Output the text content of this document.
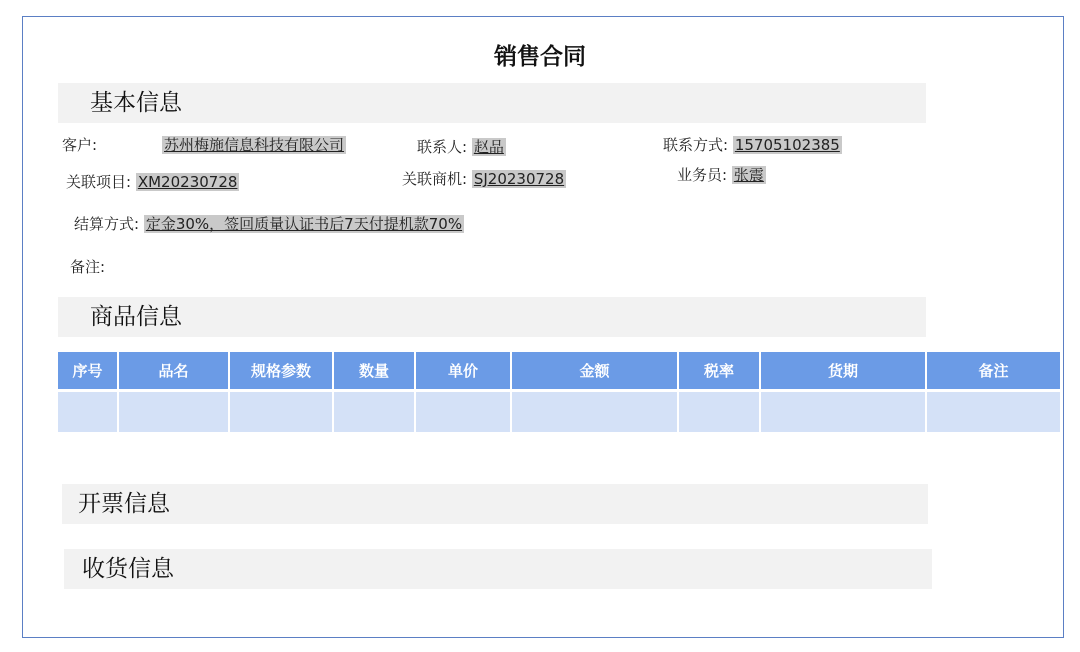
销售合同
基本信息
客户:	苏州梅施信息科技有限公司	联系人: 赵品	联系方式: 15705102385
关联项目: XM20230728	关联商机: SJ20230728	业务员: 张震
结算方式: 定金30%，签回质量认证书后7天付提机款70%
备注:
商品信息
序号	品名	规格参数	数量	单价	金额	税率	货期	备注

开票信息
收货信息
